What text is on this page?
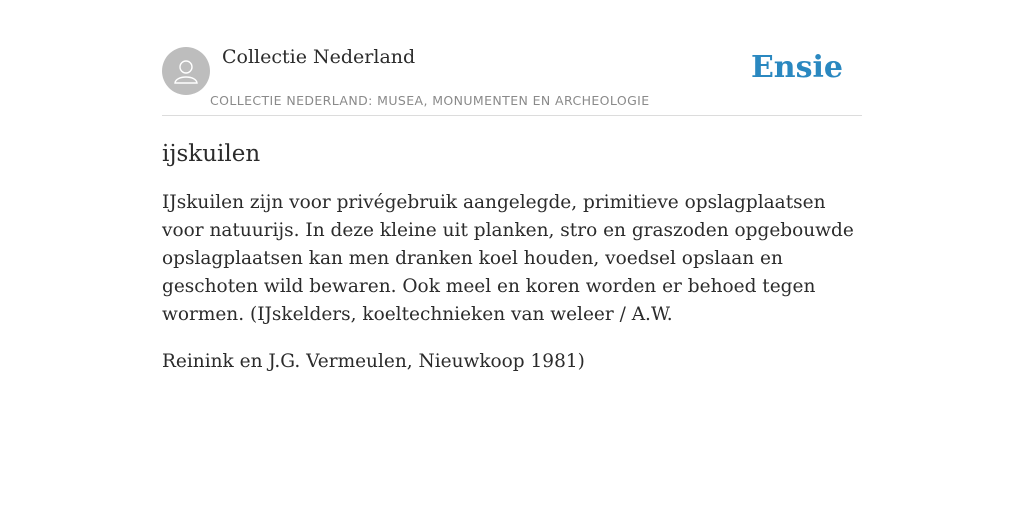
Collectie Nederland
COLLECTIE NEDERLAND: MUSEA, MONUMENTEN EN ARCHEOLOGIE
Ensie
ijskuilen

IJskuilen zijn voor privégebruik aangelegde, primitieve opslagplaatsen voor natuurijs. In deze kleine uit planken, stro en graszoden opgebouwde opslagplaatsen kan men dranken koel houden, voedsel opslaan en geschoten wild bewaren. Ook meel en koren worden er behoed tegen wormen. (IJskelders, koeltechnieken van weleer / A.W.

Reinink en J.G. Vermeulen, Nieuwkoop 1981)
